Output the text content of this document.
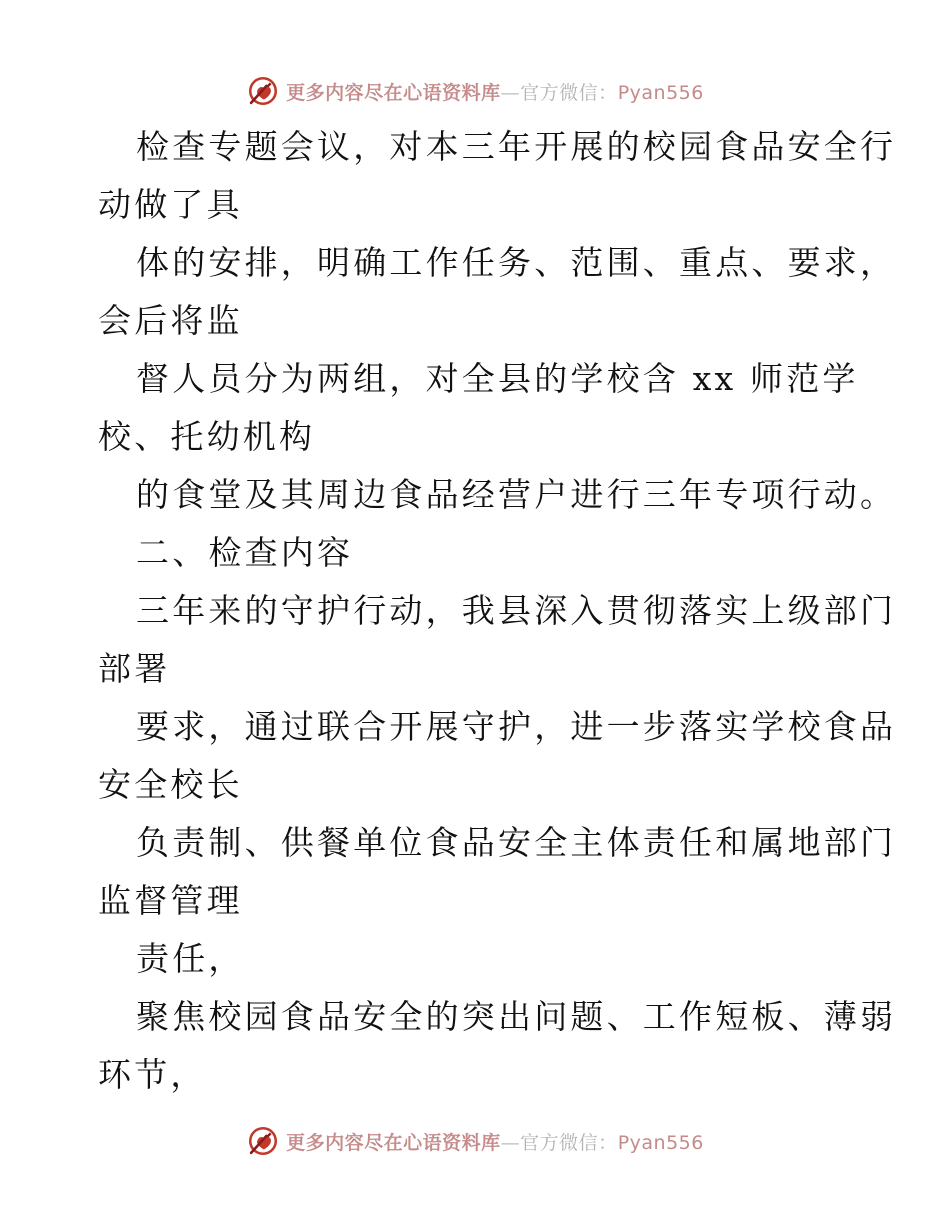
更多内容尽在心语资料库—官方微信：Pyan556
检查专题会议，对本三年开展的校园食品安全行
动做了具
体的安排，明确工作任务、范围、重点、要求，
会后将监
督人员分为两组，对全县的学校含 xx 师范学
校、托幼机构
的食堂及其周边食品经营户进行三年专项行动。
二、检查内容
三年来的守护行动，我县深入贯彻落实上级部门
部署
要求，通过联合开展守护，进一步落实学校食品
安全校长
负责制、供餐单位食品安全主体责任和属地部门
监督管理
责任，
聚焦校园食品安全的突出问题、工作短板、薄弱
环节，
更多内容尽在心语资料库—官方微信：Pyan556
